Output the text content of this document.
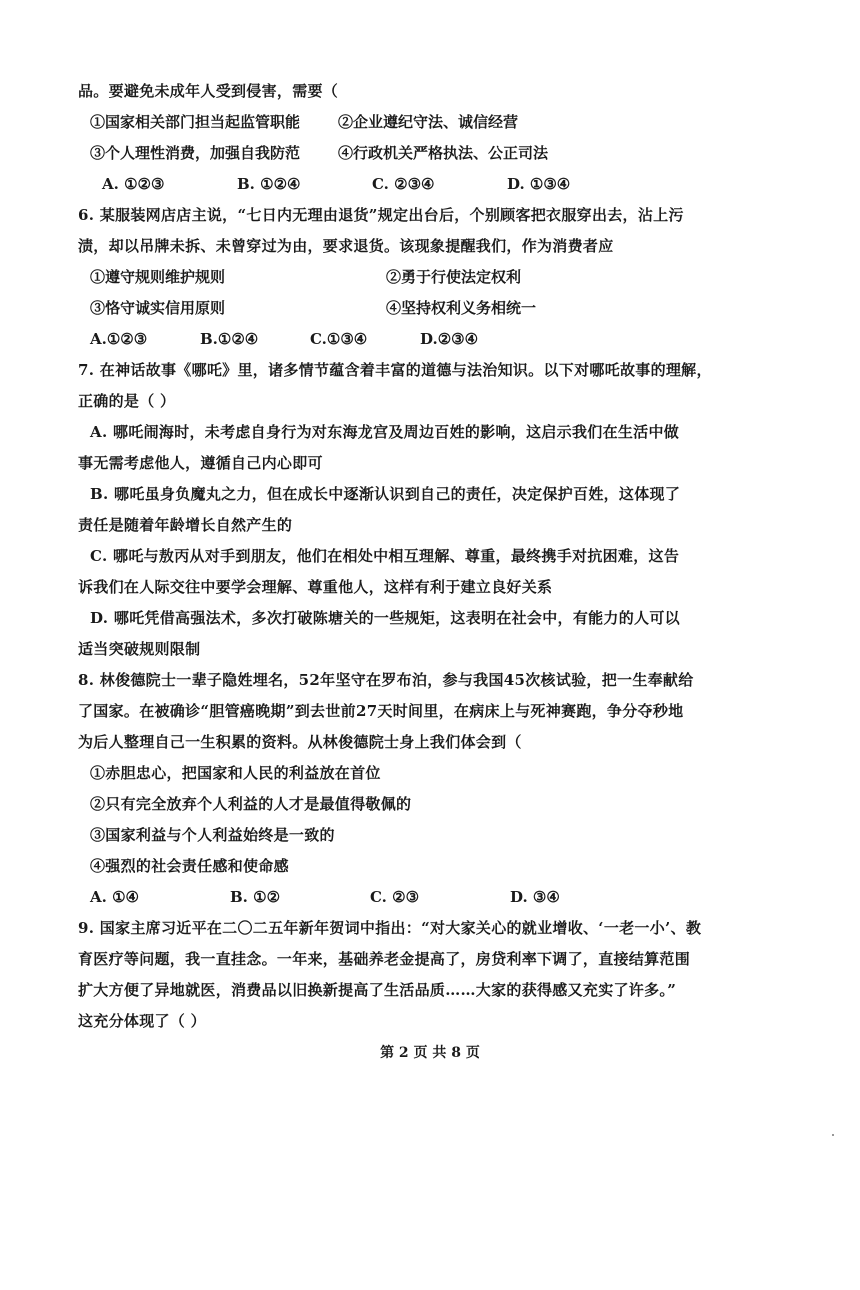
品。要避免未成年人受到侵害，需要（
①国家相关部门担当起监管职能	②企业遵纪守法、诚信经营
③个人理性消费，加强自我防范	④行政机关严格执法、公正司法
A. ①②③	B. ①②④	C. ②③④	D. ①③④
6. 某服装网店店主说，“七日内无理由退货”规定出台后，个别顾客把衣服穿出去，沾上污
渍，却以吊牌未拆、未曾穿过为由，要求退货。该现象提醒我们，作为消费者应
①遵守规则维护规则	②勇于行使法定权利
③恪守诚实信用原则	④坚持权利义务相统一
A.①②③	B.①②④	C.①③④	D.②③④
7. 在神话故事《哪吒》里，诸多情节蕴含着丰富的道德与法治知识。以下对哪吒故事的理解，
正确的是（ ）
A. 哪吒闹海时，未考虑自身行为对东海龙宫及周边百姓的影响，这启示我们在生活中做
事无需考虑他人，遵循自己内心即可
B. 哪吒虽身负魔丸之力，但在成长中逐渐认识到自己的责任，决定保护百姓，这体现了
责任是随着年龄增长自然产生的
C. 哪吒与敖丙从对手到朋友，他们在相处中相互理解、尊重，最终携手对抗困难，这告
诉我们在人际交往中要学会理解、尊重他人，这样有利于建立良好关系
D. 哪吒凭借高强法术，多次打破陈塘关的一些规矩，这表明在社会中，有能力的人可以
适当突破规则限制
8. 林俊德院士一辈子隐姓埋名，52年坚守在罗布泊，参与我国45次核试验，把一生奉献给
了国家。在被确诊“胆管癌晚期”到去世前27天时间里，在病床上与死神赛跑，争分夺秒地
为后人整理自己一生积累的资料。从林俊德院士身上我们体会到（
①赤胆忠心，把国家和人民的利益放在首位
②只有完全放弃个人利益的人才是最值得敬佩的
③国家利益与个人利益始终是一致的
④强烈的社会责任感和使命感
A. ①④	B. ①②	C. ②③	D. ③④
9. 国家主席习近平在二〇二五年新年贺词中指出：“对大家关心的就业增收、‘一老一小’、教
育医疗等问题，我一直挂念。一年来，基础养老金提高了，房贷利率下调了，直接结算范围
扩大方便了异地就医，消费品以旧换新提高了生活品质……大家的获得感又充实了许多。”
这充分体现了（ ）
第 2 页 共 8 页
